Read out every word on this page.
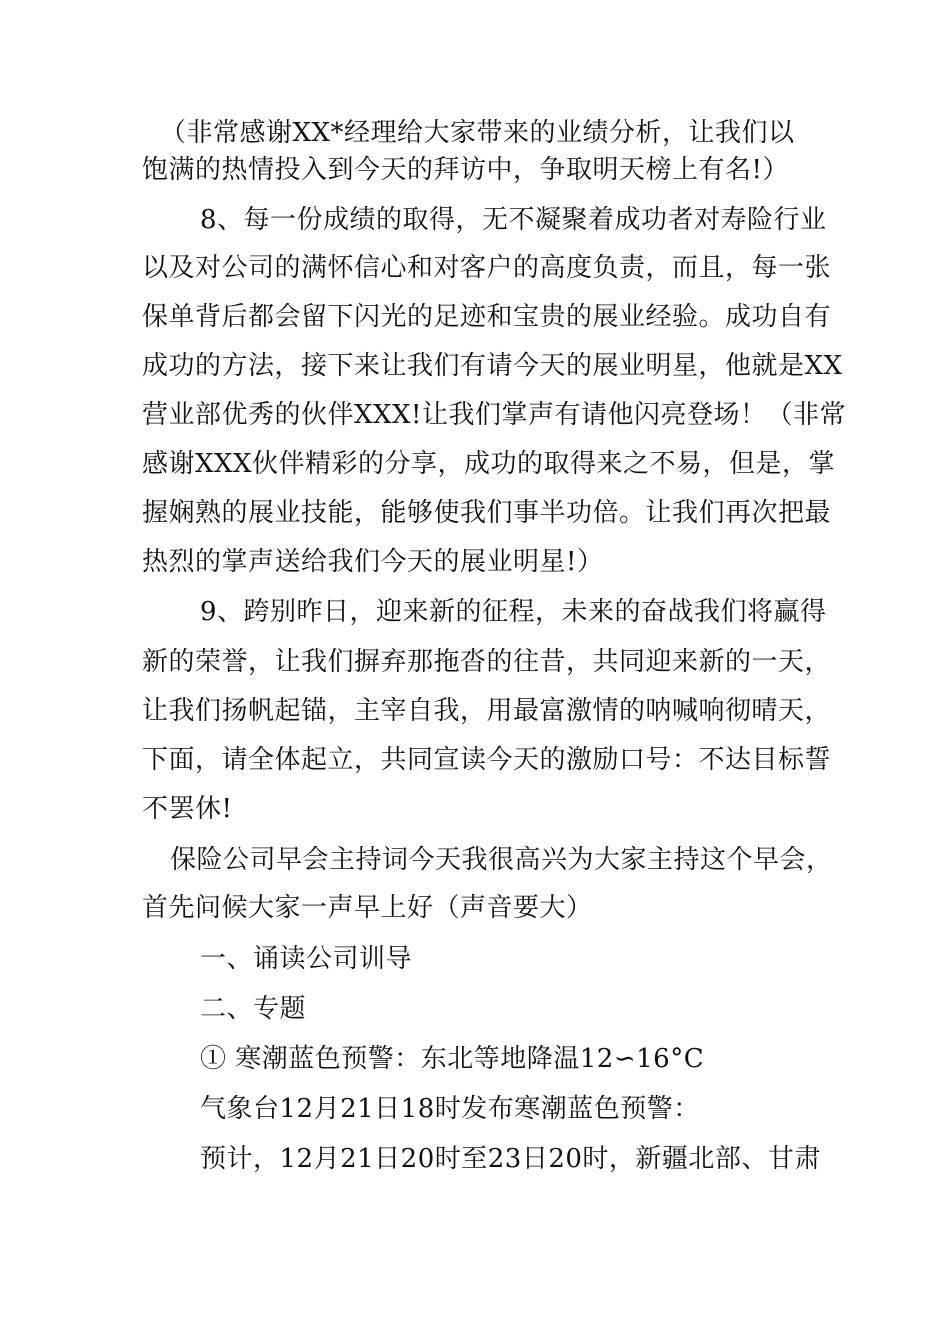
（非常感谢XX*经理给大家带来的业绩分析，让我们以
饱满的热情投入到今天的拜访中，争取明天榜上有名!）
8、每一份成绩的取得，无不凝聚着成功者对寿险行业
以及对公司的满怀信心和对客户的高度负责，而且，每一张
保单背后都会留下闪光的足迹和宝贵的展业经验。成功自有
成功的方法，接下来让我们有请今天的展业明星，他就是XX
营业部优秀的伙伴XXX!让我们掌声有请他闪亮登场！（非常
感谢XXX伙伴精彩的分享，成功的取得来之不易，但是，掌
握娴熟的展业技能，能够使我们事半功倍。让我们再次把最
热烈的掌声送给我们今天的展业明星!）
9、跨别昨日，迎来新的征程，未来的奋战我们将赢得
新的荣誉，让我们摒弃那拖沓的往昔，共同迎来新的一天，
让我们扬帆起锚，主宰自我，用最富激情的呐喊响彻晴天，
下面，请全体起立，共同宣读今天的激励口号：不达目标誓
不罢休!
保险公司早会主持词今天我很高兴为大家主持这个早会，
首先问候大家一声早上好（声音要大）
一、诵读公司训导
二、专题
① 寒潮蓝色预警：东北等地降温12∽16°C
气象台12月21日18时发布寒潮蓝色预警：
预计，12月21日20时至23日20时，新疆北部、甘肃
